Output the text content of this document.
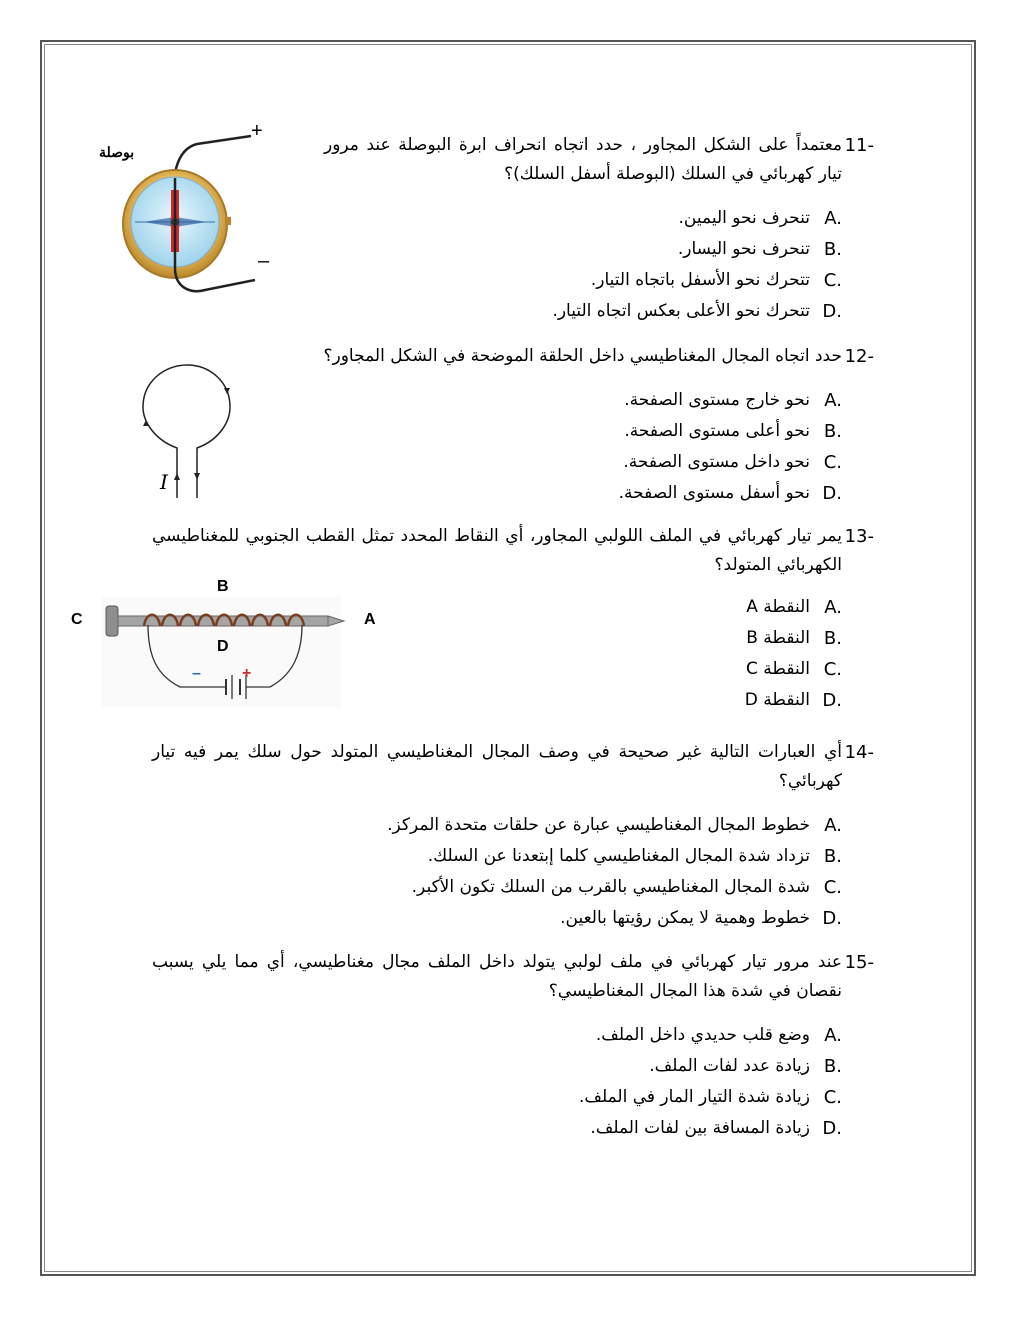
11-
معتمداً على الشكل المجاور ، حدد اتجاه انحراف ابرة البوصلة عند مرور تيار كهربائي في السلك (البوصلة أسفل السلك)؟
A.
تنحرف نحو اليمين.
B.
تنحرف نحو اليسار.
C.
تتحرك نحو الأسفل باتجاه التيار.
D.
تتحرك نحو الأعلى بعكس اتجاه التيار.
بوصلة
+
–
12-
حدد اتجاه المجال المغناطيسي داخل الحلقة الموضحة في الشكل المجاور؟
A.
نحو خارج مستوى الصفحة.
B.
نحو أعلى مستوى الصفحة.
C.
نحو داخل مستوى الصفحة.
D.
نحو أسفل مستوى الصفحة.
I
13-
يمر تيار كهربائي في الملف اللولبي المجاور، أي النقاط المحدد تمثل القطب الجنوبي للمغناطيسي الكهربائي المتولد؟
A.
النقطة A
B.
النقطة B
C.
النقطة C
D.
النقطة D
B
C	A
D
–	+
14-
أي العبارات التالية غير صحيحة في وصف المجال المغناطيسي المتولد حول سلك يمر فيه تيار كهربائي؟
A.
خطوط المجال المغناطيسي عبارة عن حلقات متحدة المركز.
B.
تزداد شدة المجال المغناطيسي كلما إبتعدنا عن السلك.
C.
شدة المجال المغناطيسي بالقرب من السلك تكون الأكبر.
D.
خطوط وهمية لا يمكن رؤيتها بالعين.
15-
عند مرور تيار كهربائي في ملف لولبي يتولد داخل الملف مجال مغناطيسي، أي مما يلي يسبب نقصان في شدة هذا المجال المغناطيسي؟
A.
وضع قلب حديدي داخل الملف.
B.
زيادة عدد لفات الملف.
C.
زيادة شدة التيار المار في الملف.
D.
زيادة المسافة بين لفات الملف.
